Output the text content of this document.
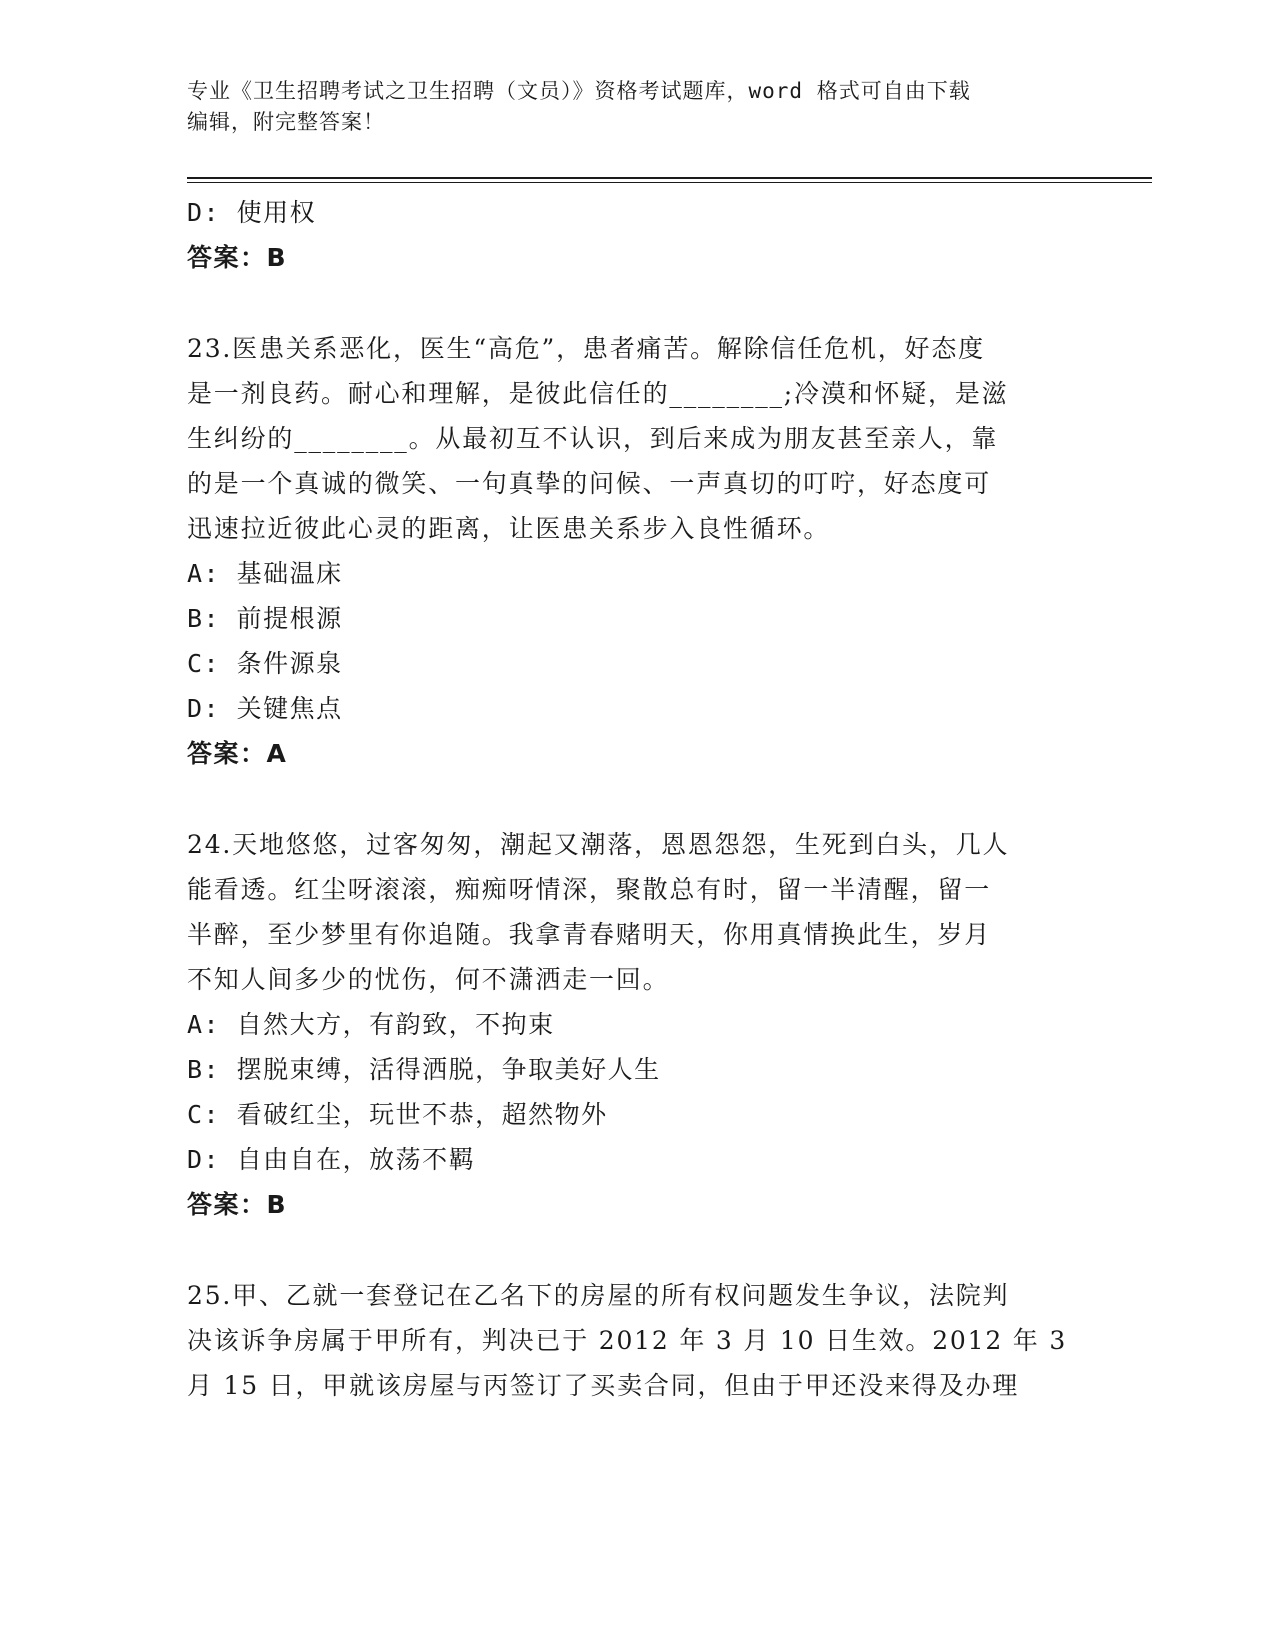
专业《卫生招聘考试之卫生招聘（文员）》资格考试题库，word 格式可自由下载
编辑，附完整答案！
D: 使用权
答案：B
23.医患关系恶化，医生“高危”，患者痛苦。解除信任危机，好态度
是一剂良药。耐心和理解，是彼此信任的________;冷漠和怀疑，是滋
生纠纷的________。从最初互不认识，到后来成为朋友甚至亲人，靠
的是一个真诚的微笑、一句真挚的问候、一声真切的叮咛，好态度可
迅速拉近彼此心灵的距离，让医患关系步入良性循环。
A: 基础温床
B: 前提根源
C: 条件源泉
D: 关键焦点
答案：A
24.天地悠悠，过客匆匆，潮起又潮落，恩恩怨怨，生死到白头，几人
能看透。红尘呀滚滚，痴痴呀情深，聚散总有时，留一半清醒，留一
半醉，至少梦里有你追随。我拿青春赌明天，你用真情换此生，岁月
不知人间多少的忧伤，何不潇洒走一回。
A: 自然大方，有韵致，不拘束
B: 摆脱束缚，活得洒脱，争取美好人生
C: 看破红尘，玩世不恭，超然物外
D: 自由自在，放荡不羁
答案：B
25.甲、乙就一套登记在乙名下的房屋的所有权问题发生争议，法院判
决该诉争房属于甲所有，判决已于 2012 年 3 月 10 日生效。2012 年 3
月 15 日，甲就该房屋与丙签订了买卖合同，但由于甲还没来得及办理
